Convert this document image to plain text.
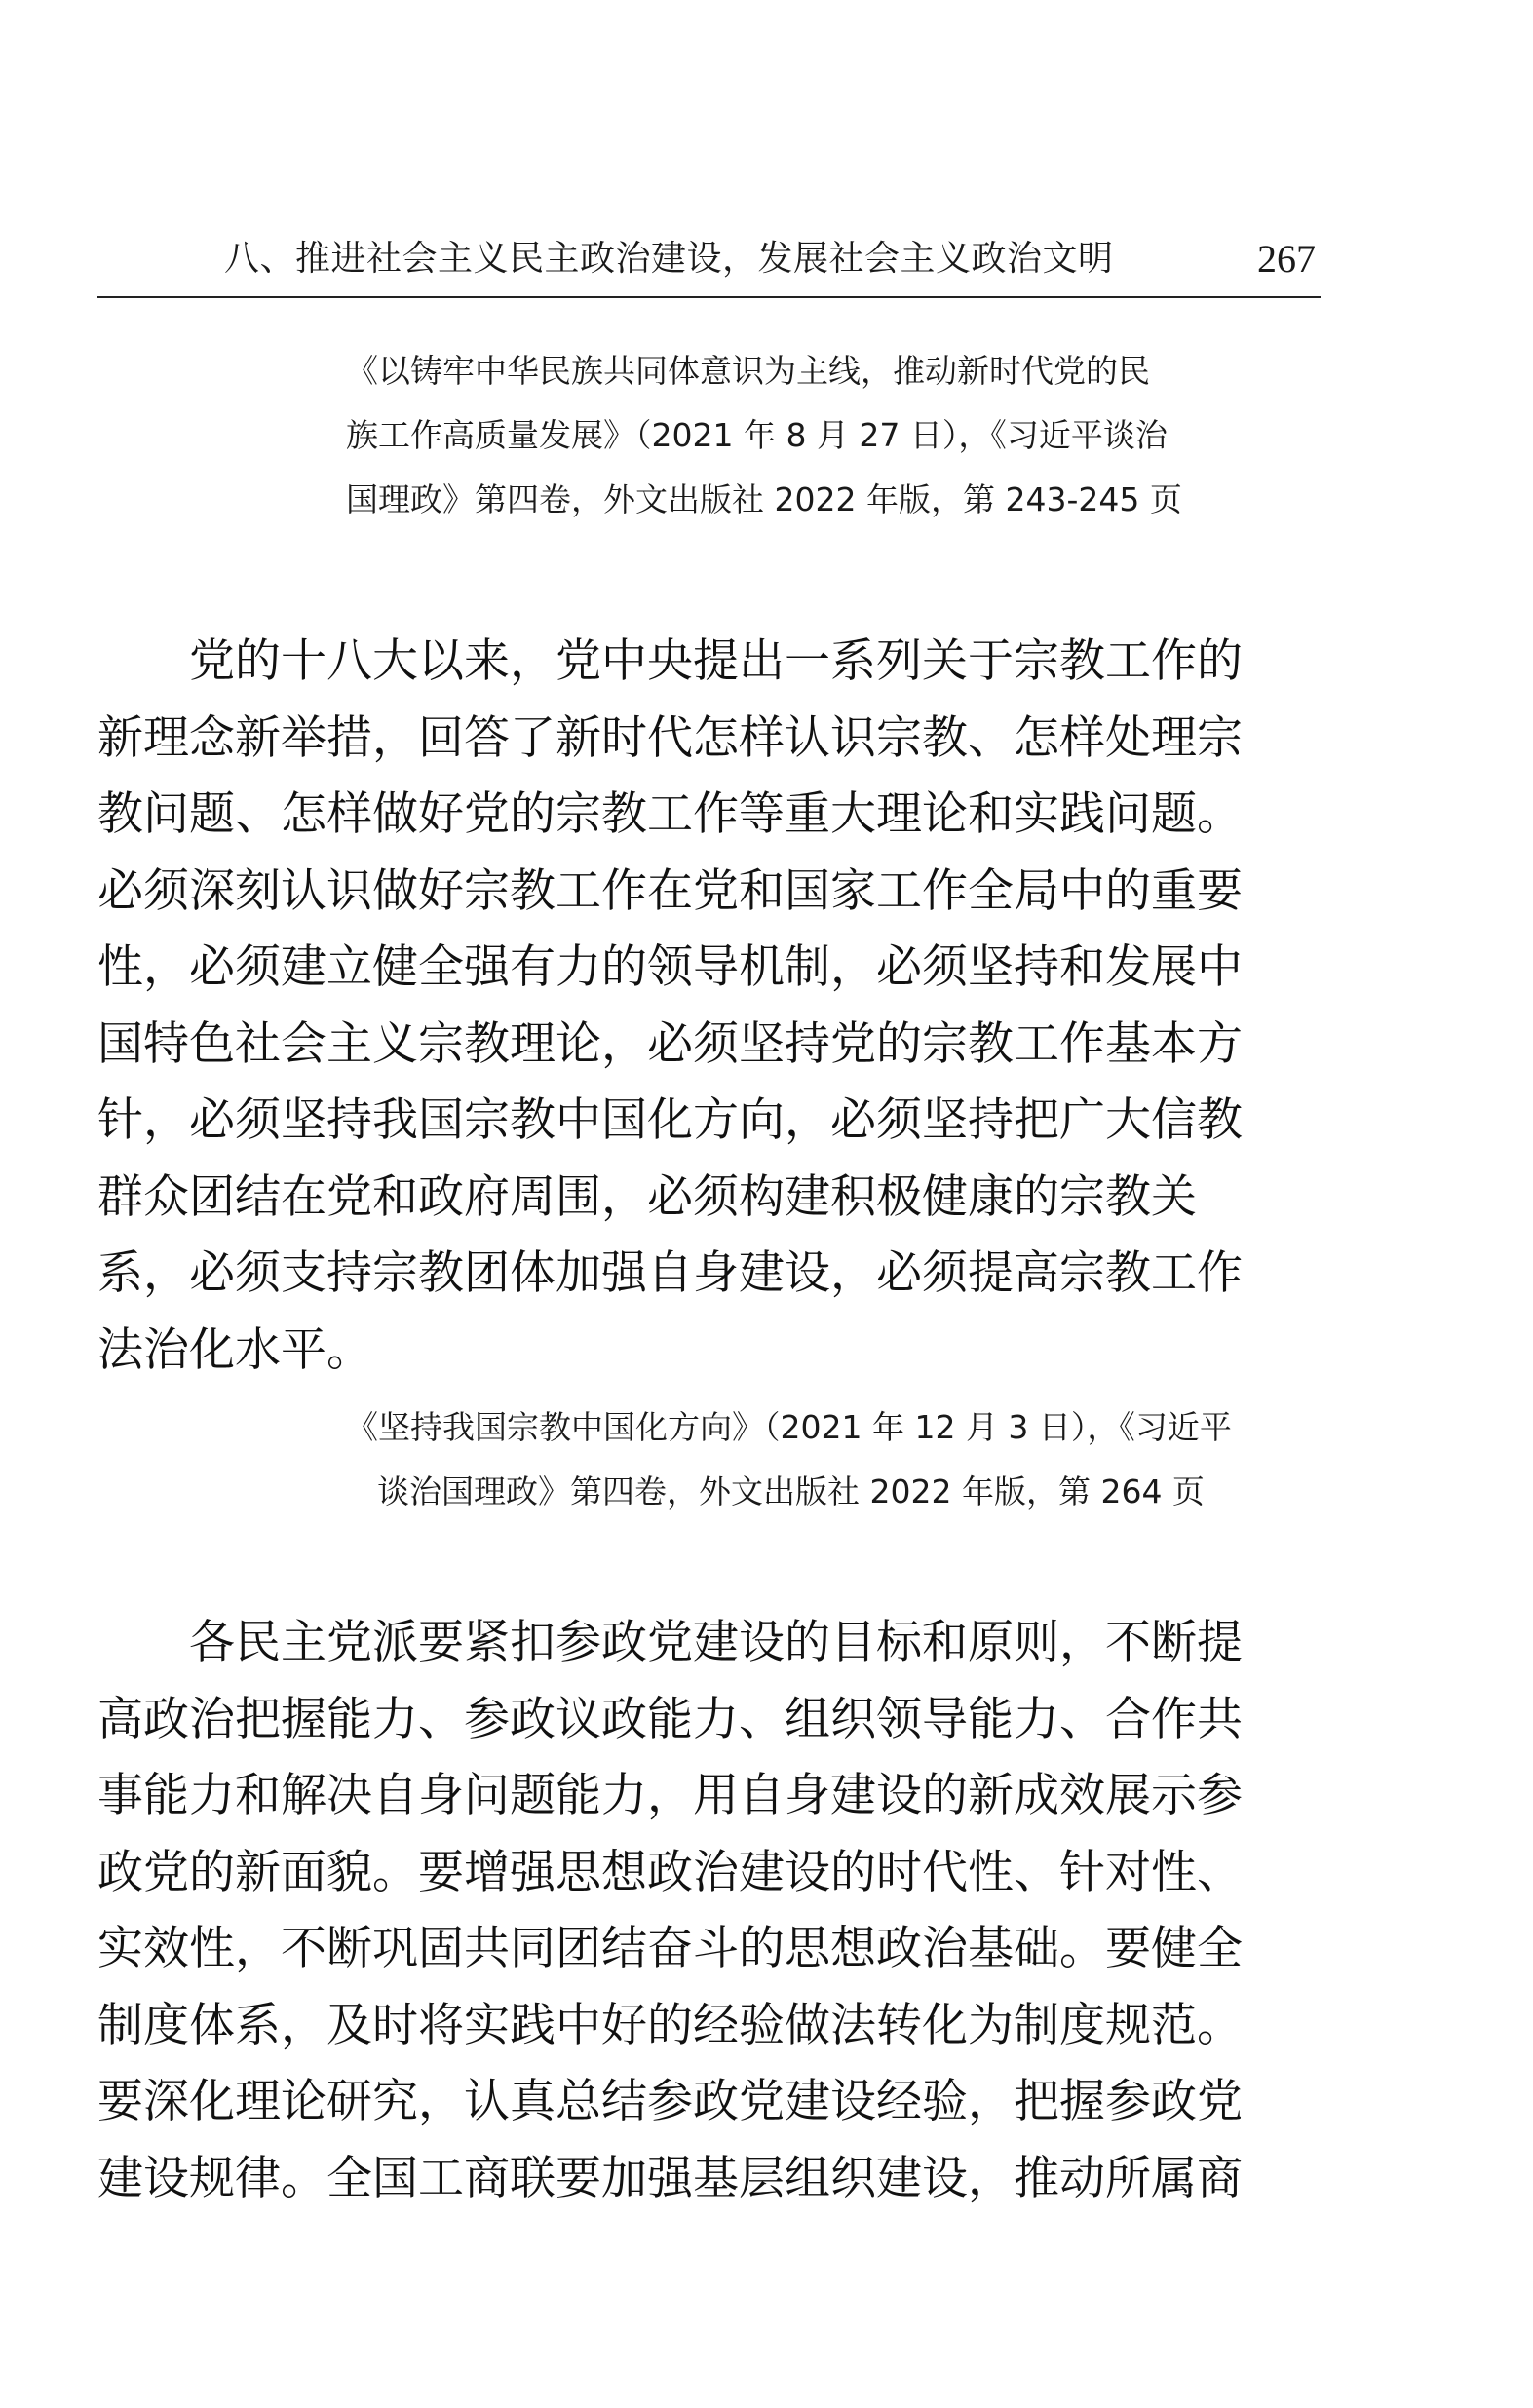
八、推进社会主义民主政治建设，发展社会主义政治文明	267
《以铸牢中华民族共同体意识为主线，推动新时代党的民
族工作高质量发展》（2021 年 8 月 27 日），《习近平谈治
国理政》第四卷，外文出版社 2022 年版，第 243-245 页
　　党的十八大以来，党中央提出一系列关于宗教工作的
新理念新举措，回答了新时代怎样认识宗教、怎样处理宗
教问题、怎样做好党的宗教工作等重大理论和实践问题。
必须深刻认识做好宗教工作在党和国家工作全局中的重要
性，必须建立健全强有力的领导机制，必须坚持和发展中
国特色社会主义宗教理论，必须坚持党的宗教工作基本方
针，必须坚持我国宗教中国化方向，必须坚持把广大信教
群众团结在党和政府周围，必须构建积极健康的宗教关
系，必须支持宗教团体加强自身建设，必须提高宗教工作
法治化水平。
《坚持我国宗教中国化方向》（2021 年 12 月 3 日），《习近平
谈治国理政》第四卷，外文出版社 2022 年版，第 264 页
　　各民主党派要紧扣参政党建设的目标和原则，不断提
高政治把握能力、参政议政能力、组织领导能力、合作共
事能力和解决自身问题能力，用自身建设的新成效展示参
政党的新面貌。要增强思想政治建设的时代性、针对性、
实效性，不断巩固共同团结奋斗的思想政治基础。要健全
制度体系，及时将实践中好的经验做法转化为制度规范。
要深化理论研究，认真总结参政党建设经验，把握参政党
建设规律。全国工商联要加强基层组织建设，推动所属商
